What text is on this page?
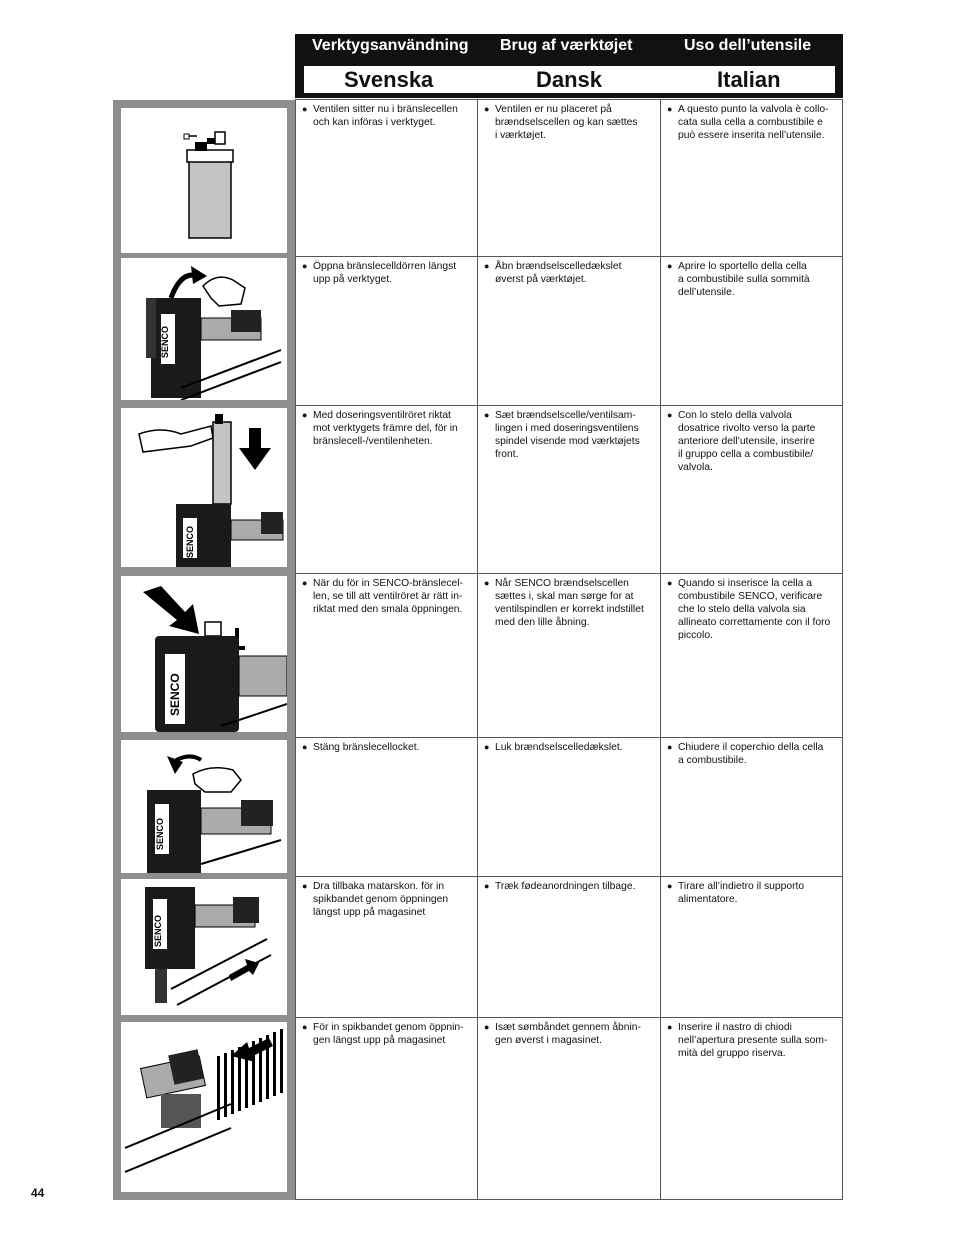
Verktygsanvändning Brug af værktøjet	Uso dell’utensile
Svenska	Dansk	Italian
SENCO
SENCO
SENCO
SENCO
SENCO
● Ventilen sitter nu i bränslecellen
och kan införas i verktyget.
● Ventilen er nu placeret på
brændselscellen og kan sættes
i værktøjet.
● A questo punto la valvola è collo-
cata sulla cella a combustibile e
può essere inserita nell’utensile.
● Öppna bränslecelldörren längst
upp på verktyget.
● Åbn brændselscelledækslet
øverst på værktøjet.
● Aprire lo sportello della cella
a combustibile sulla sommità
dell’utensile.
● Med doseringsventilröret riktat
mot verktygets främre del, för in
bränslecell-/ventilenheten.
● Sæt brændselscelle/ventilsam-
lingen i med doseringsventilens
spindel visende mod værktøjets
front.
● Con lo stelo della valvola
dosatrice rivolto verso la parte
anteriore dell’utensile, inserire
il gruppo cella a combustibile/
valvola.
● När du för in SENCO-bränslecel-
len, se till att ventilröret är rätt in-
riktat med den smala öppningen.
● Når SENCO brændselscellen
sættes i, skal man sørge for at
ventilspindlen er korrekt indstillet
med den lille åbning.
● Quando si inserisce la cella a
combustibile SENCO, verificare
che lo stelo della valvola sia
allineato correttamente con il foro
piccolo.
● Stäng bränslecellocket.	● Luk brændselscelledækslet.	● Chiudere il coperchio della cella
a combustibile.
● Dra tillbaka matarskon. för in
spikbandet genom öppningen
längst upp på magasinet
● Træk fødeanordningen tilbage.	● Tirare all’indietro il supporto
alimentatore.
● För in spikbandet genom öppnin-
gen längst upp på magasinet
● Isæt sømbåndet gennem åbnin-
gen øverst i magasinet.
● Inserire il nastro di chiodi
nell’apertura presente sulla som-
mità del gruppo riserva.
44
